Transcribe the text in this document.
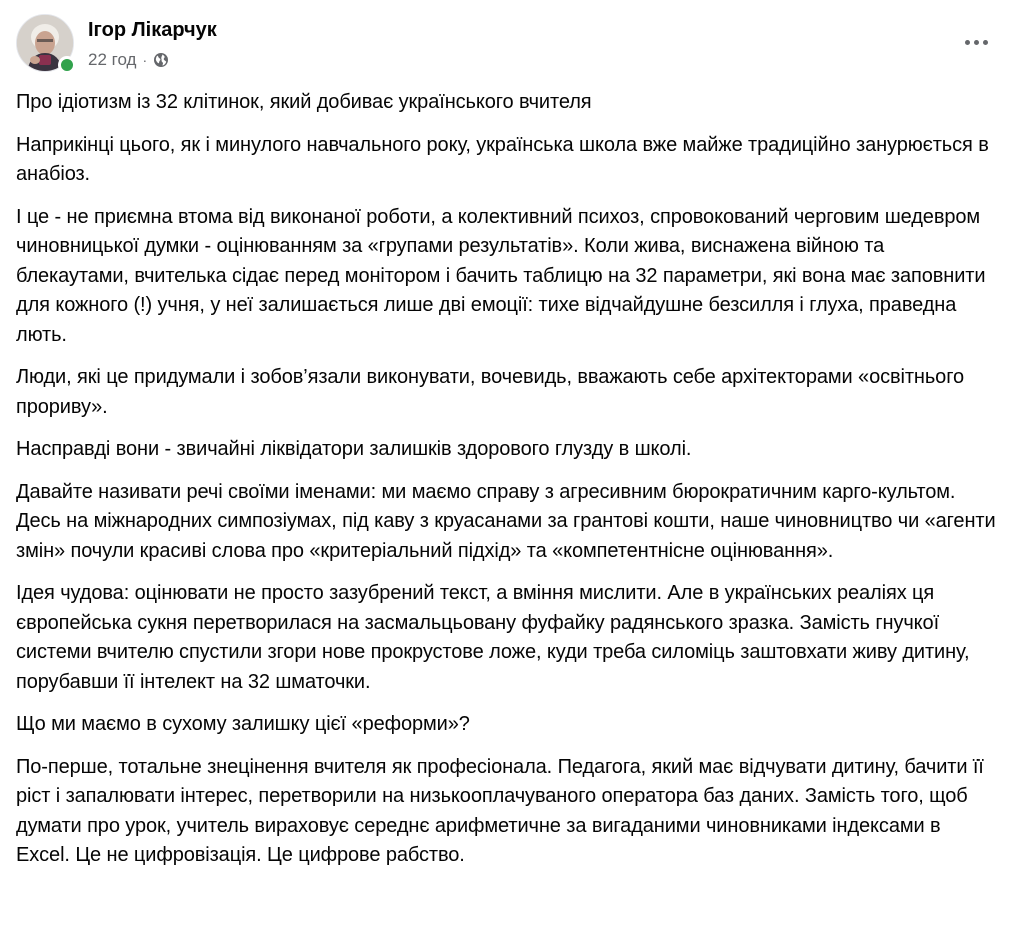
Ігор Лікарчук
22 год ·

Про ідіотизм із 32 клітинок, який добиває українського вчителя

Наприкінці цього, як і минулого навчального року, українська школа вже майже традиційно занурюється в анабіоз.

І це - не приємна втома від виконаної роботи, а колективний психоз, спровокований черговим шедевром чиновницької думки - оцінюванням за «групами результатів». Коли жива, виснажена війною та блекаутами, вчителька сідає перед монітором і бачить таблицю на 32 параметри, які вона має заповнити для кожного (!) учня, у неї залишається лише дві емоції: тихе відчайдушне безсилля і глуха, праведна лють.

Люди, які це придумали і зобов’язали виконувати, вочевидь, вважають себе архітекторами «освітнього прориву».

Насправді вони - звичайні ліквідатори залишків здорового глузду в школі.

Давайте називати речі своїми іменами: ми маємо справу з агресивним бюрократичним карго-культом. Десь на міжнародних симпозіумах, під каву з круасанами за грантові кошти, наше чиновництво чи «агенти змін» почули красиві слова про «критеріальний підхід» та «компетентнісне оцінювання».

Ідея чудова: оцінювати не просто зазубрений текст, а вміння мислити. Але в українських реаліях ця європейська сукня перетворилася на засмальцьовану фуфайку радянського зразка. Замість гнучкої системи вчителю спустили згори нове прокрустове ложе, куди треба силоміць заштовхати живу дитину, порубавши її інтелект на 32 шматочки.

Що ми маємо в сухому залишку цієї «реформи»?

По-перше, тотальне знецінення вчителя як професіонала. Педагога, який має відчувати дитину, бачити її ріст і запалювати інтерес, перетворили на низькооплачуваного оператора баз даних. Замість того, щоб думати про урок, учитель вираховує середнє арифметичне за вигаданими чиновниками індексами в Excel. Це не цифровізація. Це цифрове рабство.
